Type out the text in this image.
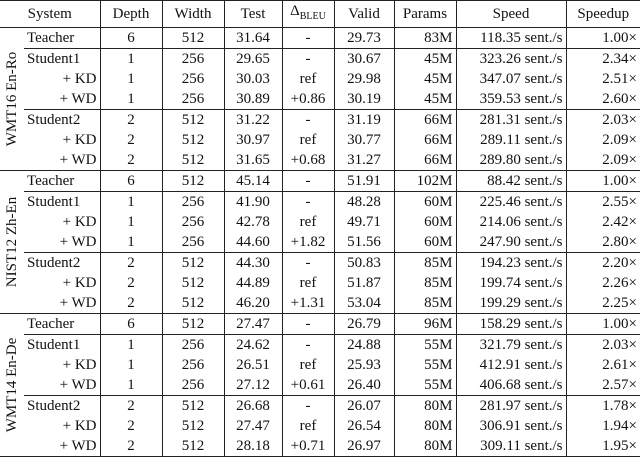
System		Depth	Width	Test	$\Delta_{BLEU}$	Valid	Params	Speed	Speedup

WMT16 En-Ro	Teacher	6	512	31.64	-	29.73	83M	118.35 sent./s	1.00×
	Student1	1	256	29.65	-	30.67	45M	323.26 sent./s	2.34×
	+ KD	1	256	30.03	ref	29.98	45M	347.07 sent./s	2.51×
	+ WD	1	256	30.89	+0.86	30.19	45M	359.53 sent./s	2.60×
	Student2	2	512	31.22	-	31.19	66M	281.31 sent./s	2.03×
	+ KD	2	512	30.97	ref	30.77	66M	289.11 sent./s	2.09×
	+ WD	2	512	31.65	+0.68	31.27	66M	289.80 sent./s	2.09×

NIST12 Zh-En	Teacher	6	512	45.14	-	51.91	102M	88.42 sent./s	1.00×
	Student1	1	256	41.90	-	48.28	60M	225.46 sent./s	2.55×
	+ KD	1	256	42.78	ref	49.71	60M	214.06 sent./s	2.42×
	+ WD	1	256	44.60	+1.82	51.56	60M	247.90 sent./s	2.80×
	Student2	2	512	44.30	-	50.83	85M	194.23 sent./s	2.20×
	+ KD	2	512	44.89	ref	51.87	85M	199.74 sent./s	2.26×
	+ WD	2	512	46.20	+1.31	53.04	85M	199.29 sent./s	2.25×

WMT14 En-De	Teacher	6	512	27.47	-	26.79	96M	158.29 sent./s	1.00×
	Student1	1	256	24.62	-	24.88	55M	321.79 sent./s	2.03×
	+ KD	1	256	26.51	ref	25.93	55M	412.91 sent./s	2.61×
	+ WD	1	256	27.12	+0.61	26.40	55M	406.68 sent./s	2.57×
	Student2	2	512	26.68	-	26.07	80M	281.97 sent./s	1.78×
	+ KD	2	512	27.47	ref	26.54	80M	306.91 sent./s	1.94×
	+ WD	2	512	28.18	+0.71	26.97	80M	309.11 sent./s	1.95×
